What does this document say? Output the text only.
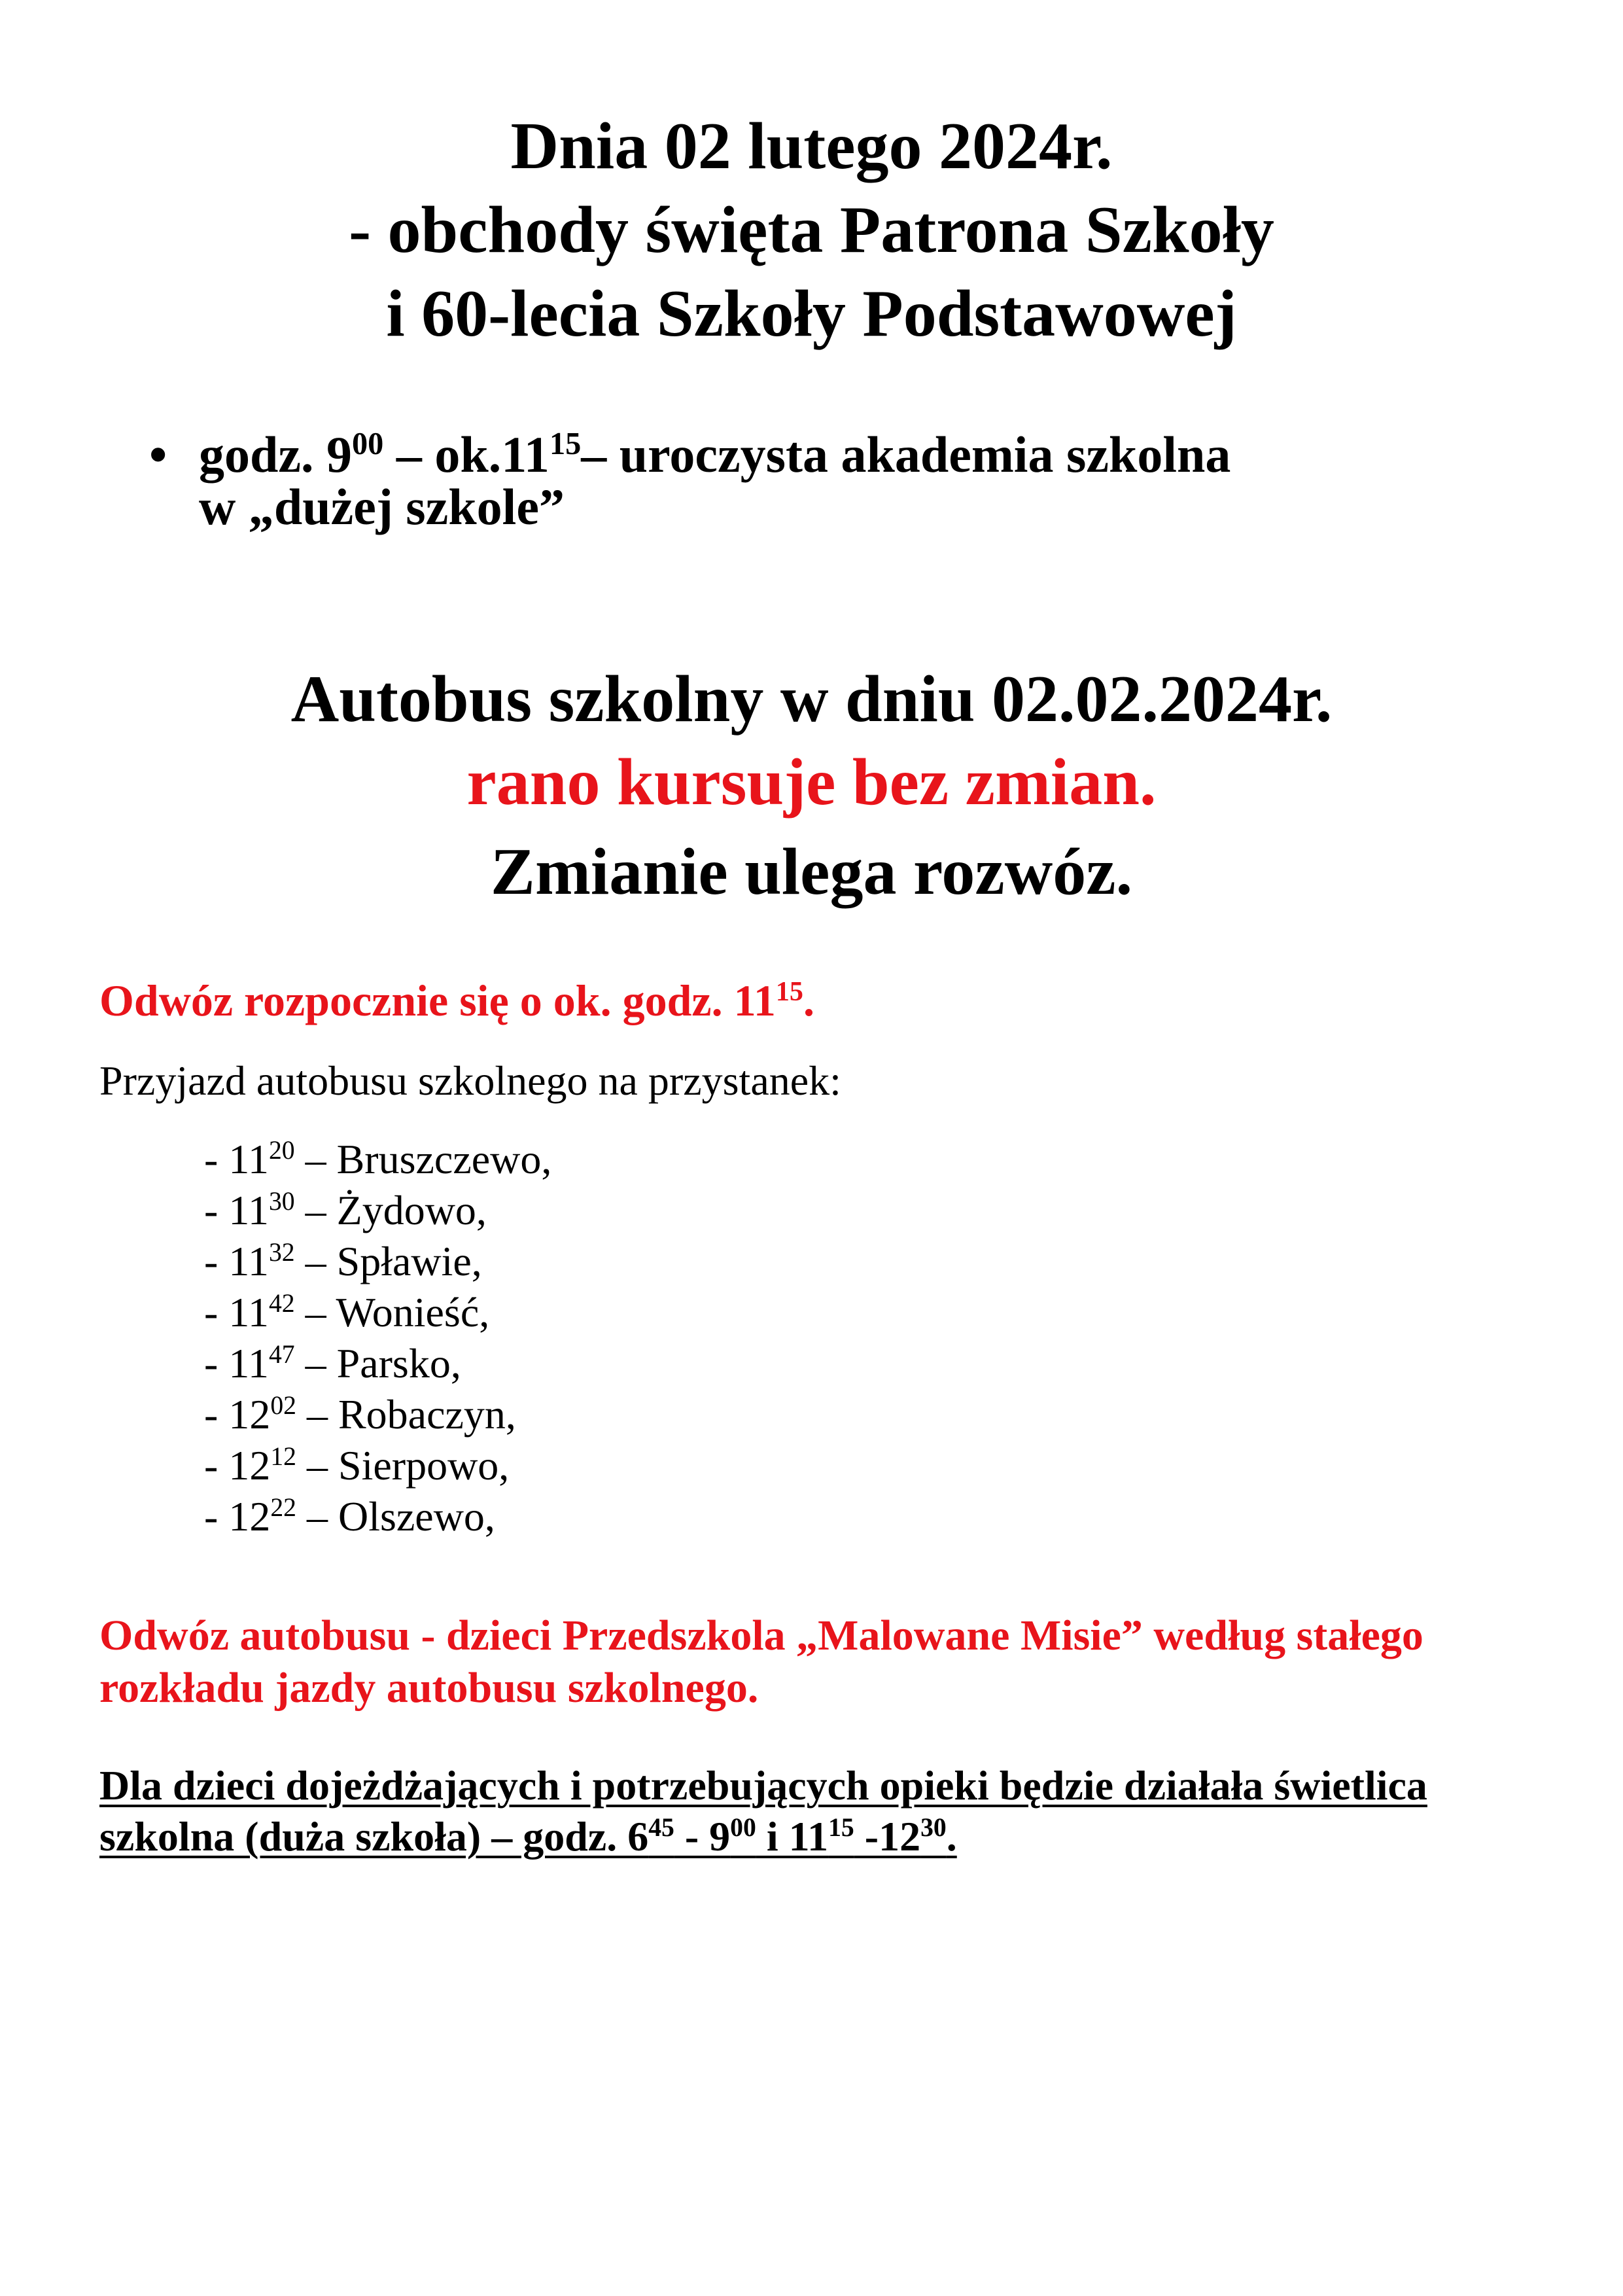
Dnia 02 lutego 2024r.
- obchody święta Patrona Szkoły
i 60-lecia Szkoły Podstawowej
• godz. $9^{00} - ok.11^{15}-$ uroczysta akademia szkolna
w „dużej szkole”
Autobus szkolny w dniu 02.02.2024r.
rano kursuje bez zmian.
Zmianie ulega rozwóz.
Odwóz rozpocznie się o ok. godz. $11^{15}$.
Przyjazd autobusu szkolnego na przystanek:
- $11^{20}$ – Bruszczewo,
- $11^{30}$ – Żydowo,
- $11^{32}$ – Spławie,
- $11^{42}$ – Wonieść,
- $11^{47}$ – Parsko,
- $12^{02}$ – Robaczyn,
- $12^{12}$ – Sierpowo,
- $12^{22}$ – Olszewo,
Odwóz autobusu - dzieci Przedszkola „Malowane Misie” według stałego rozkładu jazdy autobusu szkolnego.
Dla dzieci dojeżdżających i potrzebujących opieki będzie działała świetlica szkolna (duża szkoła) – godz. $6^{45} - 9^{00}$ i $11^{15}$ $-12^{30}$.
